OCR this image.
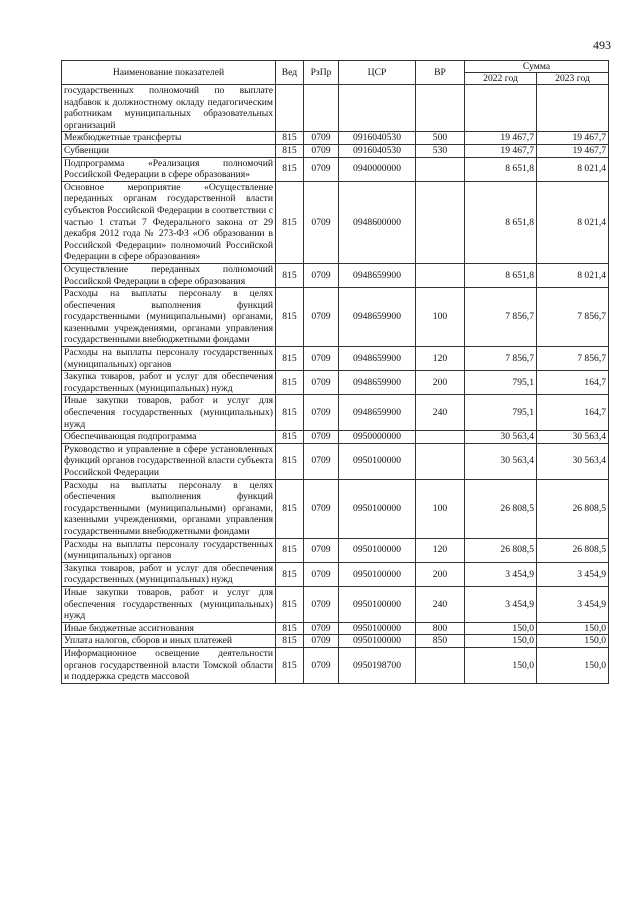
493
Наименование показателей	Вед	РзПр	ЦСР	ВР	Сумма	
					2022 год	2023 год
государственных полномочий по выплате надбавок к должностному окладу педагогическим работникам муниципальных образовательных организаций						
Межбюджетные трансферты	815	0709	0916040530	500	19 467,7	19 467,7
Субвенции	815	0709	0916040530	530	19 467,7	19 467,7
Подпрограмма «Реализация полномочий Российской Федерации в сфере образования»	815	0709	0940000000		8 651,8	8 021,4
Основное мероприятие «Осуществление переданных органам государственной власти субъектов Российской Федерации в соответствии с частью 1 статьи 7 Федерального закона от 29 декабря 2012 года № 273-ФЗ «Об образовании в Российской Федерации» полномочий Российской Федерации в сфере образования»	815	0709	0948600000		8 651,8	8 021,4
Осуществление переданных полномочий Российской Федерации в сфере образования	815	0709	0948659900		8 651,8	8 021,4
Расходы на выплаты персоналу в целях обеспечения выполнения функций государственными (муниципальными) органами, казенными учреждениями, органами управления государственными внебюджетными фондами	815	0709	0948659900	100	7 856,7	7 856,7
Расходы на выплаты персоналу государственных (муниципальных) органов	815	0709	0948659900	120	7 856,7	7 856,7
Закупка товаров, работ и услуг для обеспечения государственных (муниципальных) нужд	815	0709	0948659900	200	795,1	164,7
Иные закупки товаров, работ и услуг для обеспечения государственных (муниципальных) нужд	815	0709	0948659900	240	795,1	164,7
Обеспечивающая подпрограмма	815	0709	0950000000		30 563,4	30 563,4
Руководство и управление в сфере установленных функций органов государственной власти субъекта Российской Федерации	815	0709	0950100000		30 563,4	30 563,4
Расходы на выплаты персоналу в целях обеспечения выполнения функций государственными (муниципальными) органами, казенными учреждениями, органами управления государственными внебюджетными фондами	815	0709	0950100000	100	26 808,5	26 808,5
Расходы на выплаты персоналу государственных (муниципальных) органов	815	0709	0950100000	120	26 808,5	26 808,5
Закупка товаров, работ и услуг для обеспечения государственных (муниципальных) нужд	815	0709	0950100000	200	3 454,9	3 454,9
Иные закупки товаров, работ и услуг для обеспечения государственных (муниципальных) нужд	815	0709	0950100000	240	3 454,9	3 454,9
Иные бюджетные ассигнования	815	0709	0950100000	800	150,0	150,0
Уплата налогов, сборов и иных платежей	815	0709	0950100000	850	150,0	150,0
Информационное освещение деятельности органов государственной власти Томской области и поддержка средств массовой	815	0709	0950198700		150,0	150,0
